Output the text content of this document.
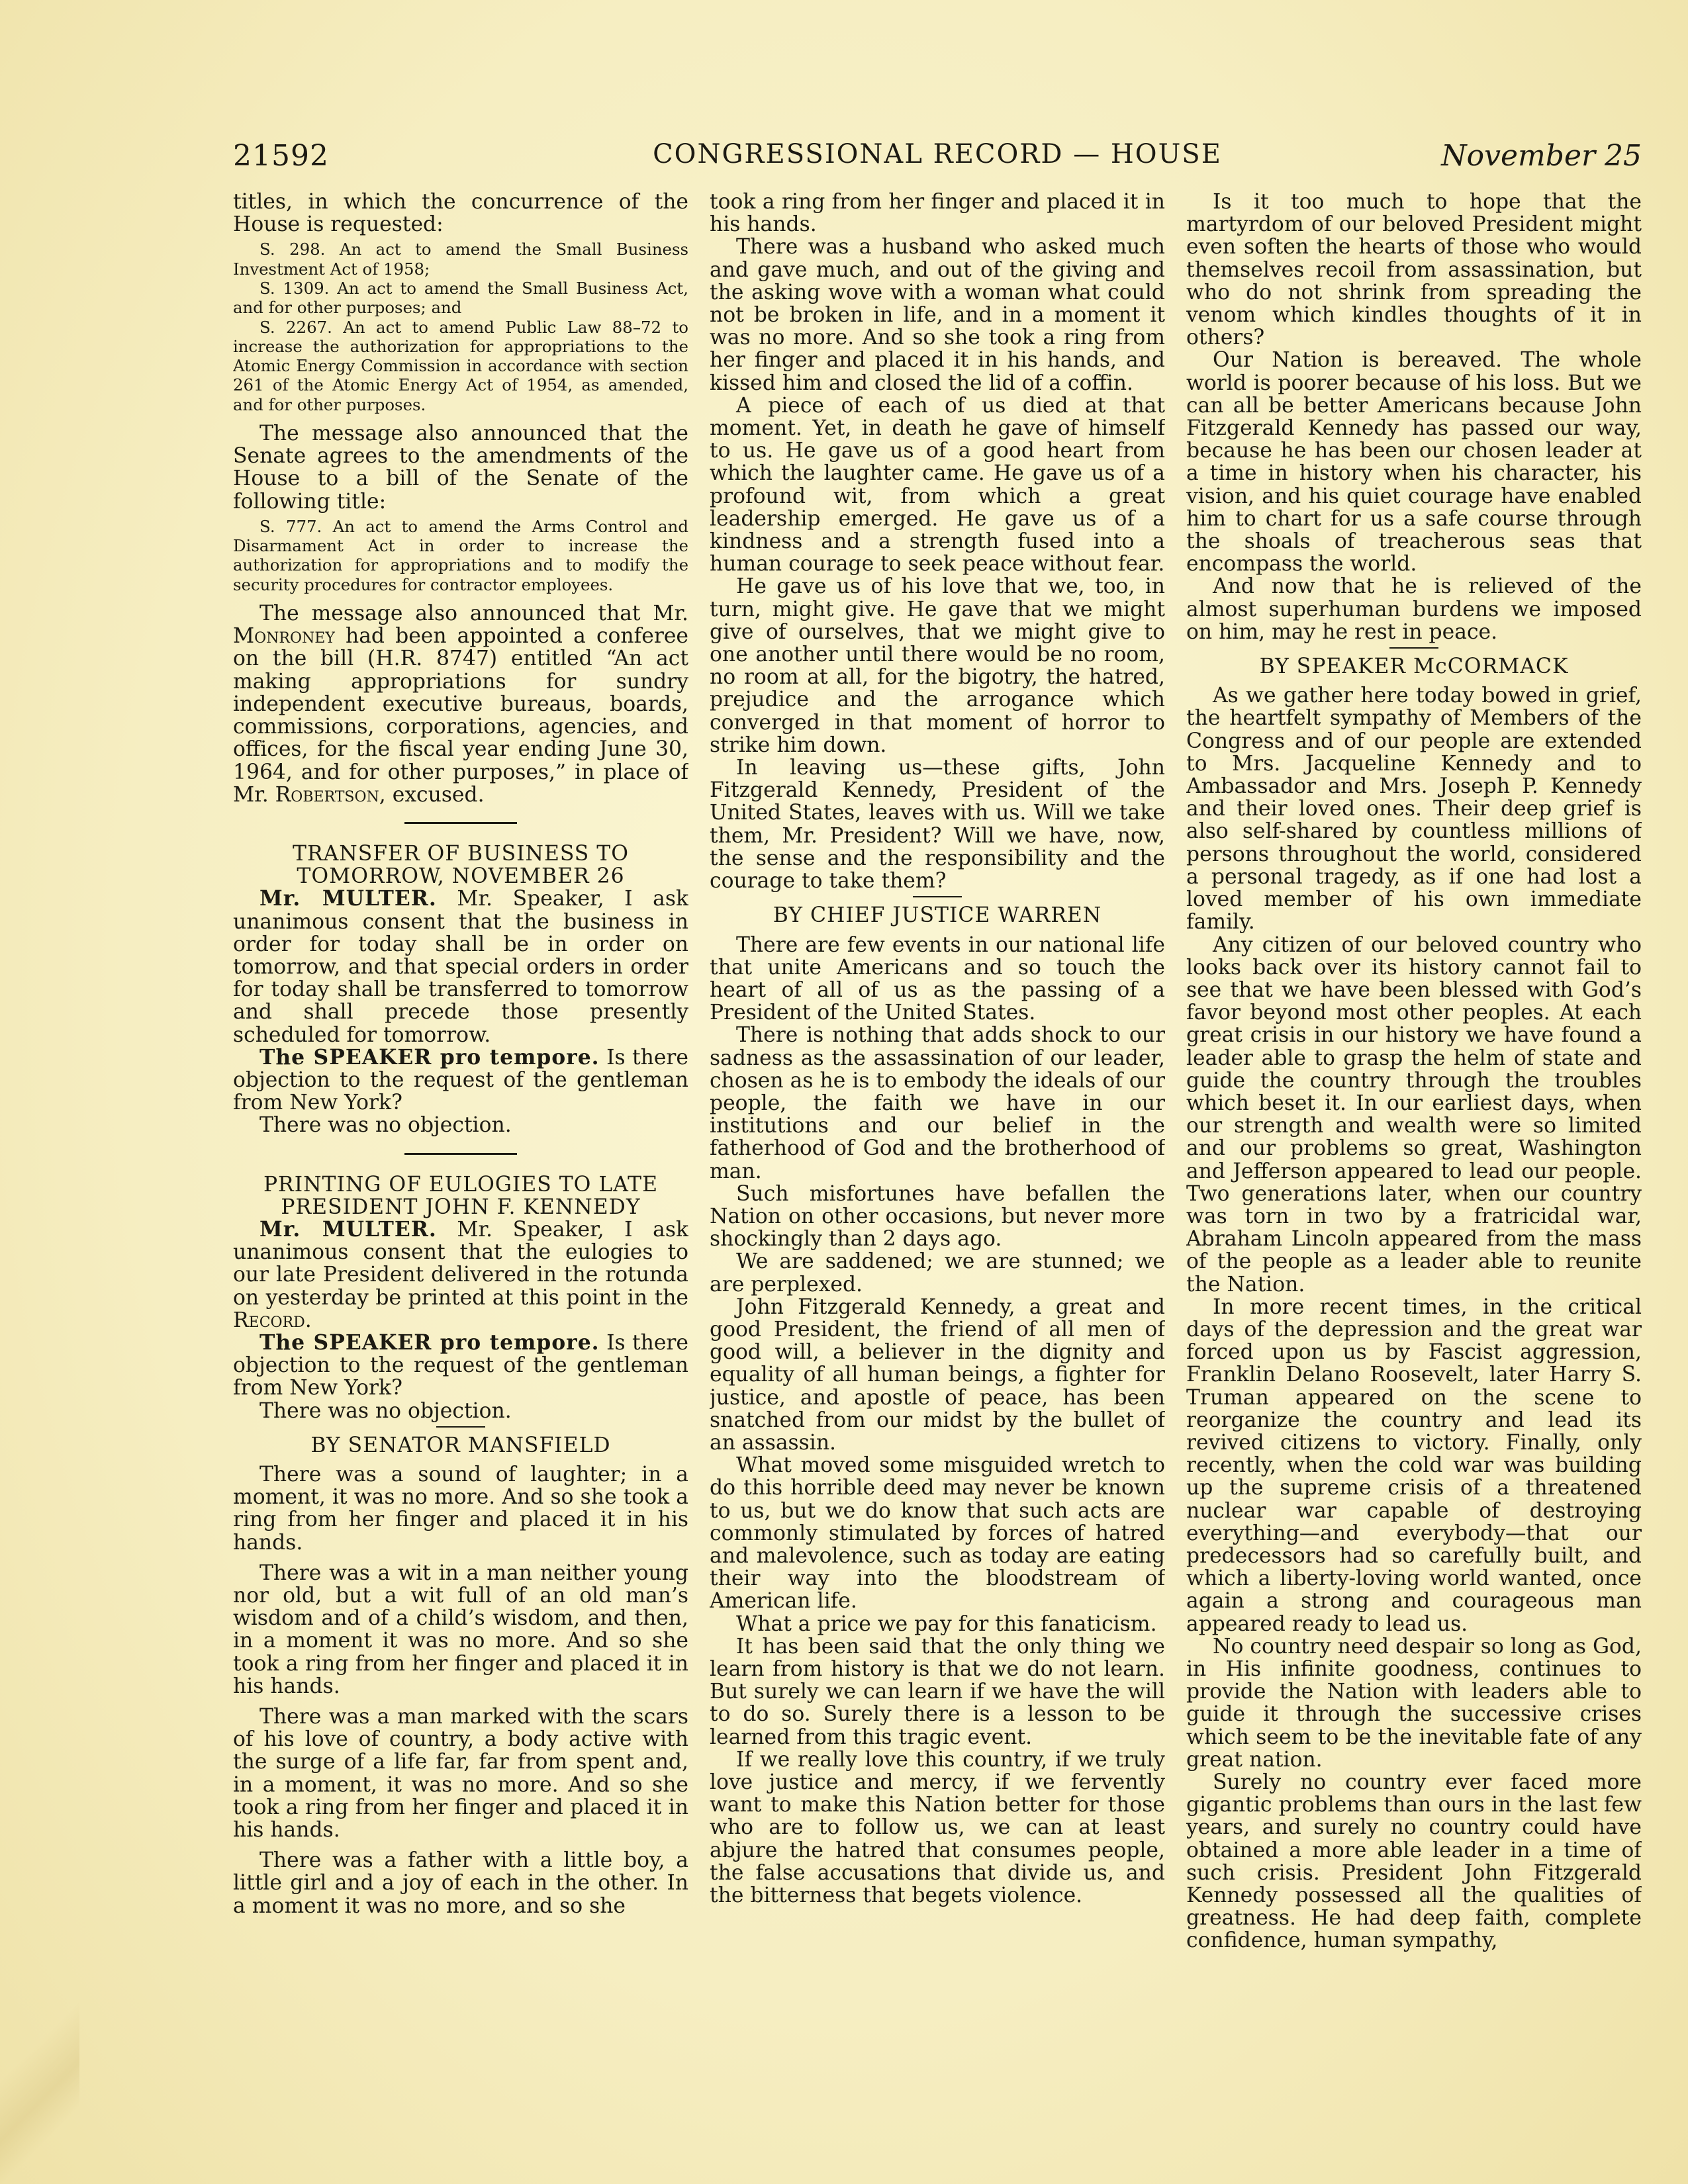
CONGRESSIONAL RECORD — HOUSE
21592	November 25

titles, in which the concurrence of the House is requested:

S. 298. An act to amend the Small Business Investment Act of 1958;

S. 1309. An act to amend the Small Business Act, and for other purposes; and

S. 2267. An act to amend Public Law 88–72 to increase the authorization for appropriations to the Atomic Energy Commission in accordance with section 261 of the Atomic Energy Act of 1954, as amended, and for other purposes.

The message also announced that the Senate agrees to the amendments of the House to a bill of the Senate of the following title:

S. 777. An act to amend the Arms Control and Disarmament Act in order to increase the authorization for appropriations and to modify the security procedures for contractor employees.

The message also announced that Mr. Monroney had been appointed a conferee on the bill (H.R. 8747) entitled “An act making appropriations for sundry independent executive bureaus, boards, commissions, corporations, agencies, and offices, for the fiscal year ending June 30, 1964, and for other purposes,” in place of Mr. Robertson, excused.

TRANSFER OF BUSINESS TO TOMORROW, NOVEMBER 26

Mr. MULTER. Mr. Speaker, I ask unanimous consent that the business in order for today shall be in order on tomorrow, and that special orders in order for today shall be transferred to tomorrow and shall precede those presently scheduled for tomorrow.

The SPEAKER pro tempore. Is there objection to the request of the gentleman from New York?

There was no objection.

PRINTING OF EULOGIES TO LATE PRESIDENT JOHN F. KENNEDY

Mr. MULTER. Mr. Speaker, I ask unanimous consent that the eulogies to our late President delivered in the rotunda on yesterday be printed at this point in the Record.

The SPEAKER pro tempore. Is there objection to the request of the gentleman from New York?

There was no objection.

BY SENATOR MANSFIELD

There was a sound of laughter; in a moment, it was no more. And so she took a ring from her finger and placed it in his hands.

There was a wit in a man neither young nor old, but a wit full of an old man’s wisdom and of a child’s wisdom, and then, in a moment it was no more. And so she took a ring from her finger and placed it in his hands.

There was a man marked with the scars of his love of country, a body active with the surge of a life far, far from spent and, in a moment, it was no more. And so she took a ring from her finger and placed it in his hands.

There was a father with a little boy, a little girl and a joy of each in the other. In a moment it was no more, and so she

took a ring from her finger and placed it in his hands.

There was a husband who asked much and gave much, and out of the giving and the asking wove with a woman what could not be broken in life, and in a moment it was no more. And so she took a ring from her finger and placed it in his hands, and kissed him and closed the lid of a coffin.

A piece of each of us died at that moment. Yet, in death he gave of himself to us. He gave us of a good heart from which the laughter came. He gave us of a profound wit, from which a great leadership emerged. He gave us of a kindness and a strength fused into a human courage to seek peace without fear.

He gave us of his love that we, too, in turn, might give. He gave that we might give of ourselves, that we might give to one another until there would be no room, no room at all, for the bigotry, the hatred, prejudice and the arrogance which converged in that moment of horror to strike him down.

In leaving us—these gifts, John Fitzgerald Kennedy, President of the United States, leaves with us. Will we take them, Mr. President? Will we have, now, the sense and the responsibility and the courage to take them?

BY CHIEF JUSTICE WARREN

There are few events in our national life that unite Americans and so touch the heart of all of us as the passing of a President of the United States.

There is nothing that adds shock to our sadness as the assassination of our leader, chosen as he is to embody the ideals of our people, the faith we have in our institutions and our belief in the fatherhood of God and the brotherhood of man.

Such misfortunes have befallen the Nation on other occasions, but never more shockingly than 2 days ago.

We are saddened; we are stunned; we are perplexed.

John Fitzgerald Kennedy, a great and good President, the friend of all men of good will, a believer in the dignity and equality of all human beings, a fighter for justice, and apostle of peace, has been snatched from our midst by the bullet of an assassin.

What moved some misguided wretch to do this horrible deed may never be known to us, but we do know that such acts are commonly stimulated by forces of hatred and malevolence, such as today are eating their way into the bloodstream of American life.

What a price we pay for this fanaticism.

It has been said that the only thing we learn from history is that we do not learn. But surely we can learn if we have the will to do so. Surely there is a lesson to be learned from this tragic event.

If we really love this country, if we truly love justice and mercy, if we fervently want to make this Nation better for those who are to follow us, we can at least abjure the hatred that consumes people, the false accusations that divide us, and the bitterness that begets violence.

Is it too much to hope that the martyrdom of our beloved President might even soften the hearts of those who would themselves recoil from assassination, but who do not shrink from spreading the venom which kindles thoughts of it in others?

Our Nation is bereaved. The whole world is poorer because of his loss. But we can all be better Americans because John Fitzgerald Kennedy has passed our way, because he has been our chosen leader at a time in history when his character, his vision, and his quiet courage have enabled him to chart for us a safe course through the shoals of treacherous seas that encompass the world.

And now that he is relieved of the almost superhuman burdens we imposed on him, may he rest in peace.

BY SPEAKER McCORMACK

As we gather here today bowed in grief, the heartfelt sympathy of Members of the Congress and of our people are extended to Mrs. Jacqueline Kennedy and to Ambassador and Mrs. Joseph P. Kennedy and their loved ones. Their deep grief is also self-shared by countless millions of persons throughout the world, considered a personal tragedy, as if one had lost a loved member of his own immediate family.

Any citizen of our beloved country who looks back over its history cannot fail to see that we have been blessed with God’s favor beyond most other peoples. At each great crisis in our history we have found a leader able to grasp the helm of state and guide the country through the troubles which beset it. In our earliest days, when our strength and wealth were so limited and our problems so great, Washington and Jefferson appeared to lead our people. Two generations later, when our country was torn in two by a fratricidal war, Abraham Lincoln appeared from the mass of the people as a leader able to reunite the Nation.

In more recent times, in the critical days of the depression and the great war forced upon us by Fascist aggression, Franklin Delano Roosevelt, later Harry S. Truman appeared on the scene to reorganize the country and lead its revived citizens to victory. Finally, only recently, when the cold war was building up the supreme crisis of a threatened nuclear war capable of destroying everything—and everybody—that our predecessors had so carefully built, and which a liberty-loving world wanted, once again a strong and courageous man appeared ready to lead us.

No country need despair so long as God, in His infinite goodness, continues to provide the Nation with leaders able to guide it through the successive crises which seem to be the inevitable fate of any great nation.

Surely no country ever faced more gigantic problems than ours in the last few years, and surely no country could have obtained a more able leader in a time of such crisis. President John Fitzgerald Kennedy possessed all the qualities of greatness. He had deep faith, complete confidence, human sympathy,
